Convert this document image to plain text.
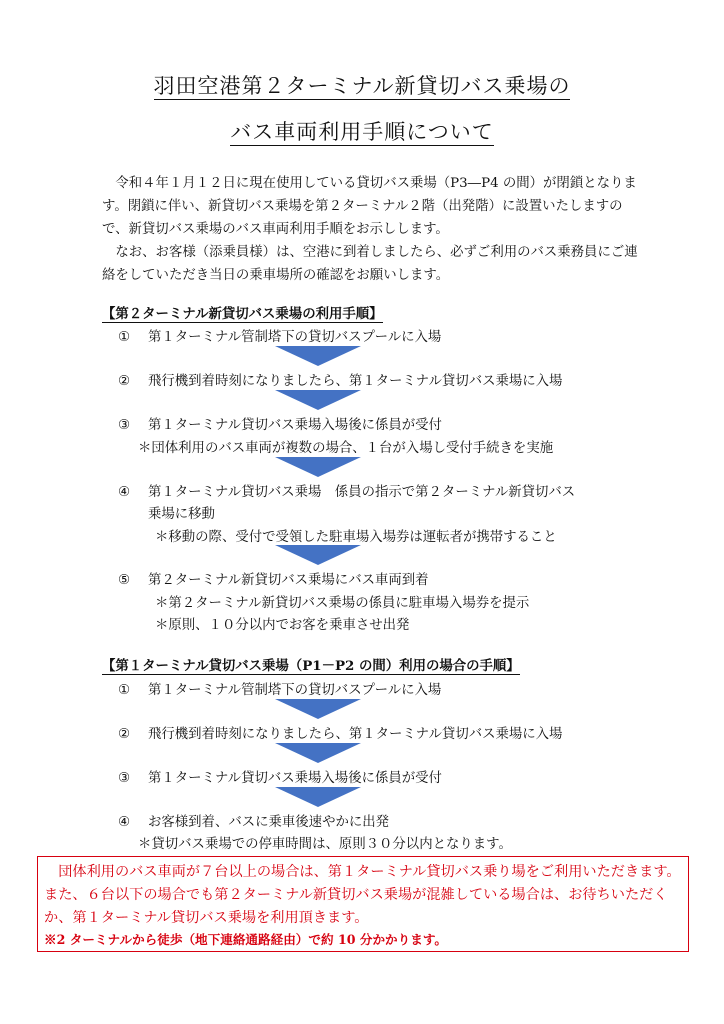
羽田空港第２ターミナル新貸切バス乗場の
バス車両利用手順について

令和４年１月１２日に現在使用している貸切バス乗場（P3―P4 の間）が閉鎖となります。閉鎖に伴い、新貸切バス乗場を第２ターミナル２階（出発階）に設置いたしますので、新貸切バス乗場のバス車両利用手順をお示しします。

なお、お客様（添乗員様）は、空港に到着しましたら、必ずご利用のバス乗務員にご連絡をしていただき当日の乗車場所の確認をお願いします。

【第２ターミナル新貸切バス乗場の利用手順】
① 第１ターミナル管制塔下の貸切バスプールに入場
② 飛行機到着時刻になりましたら、第１ターミナル貸切バス乗場に入場
③ 第１ターミナル貸切バス乗場入場後に係員が受付
＊団体利用のバス車両が複数の場合、１台が入場し受付手続きを実施
④ 第１ターミナル貸切バス乗場　係員の指示で第２ターミナル新貸切バス
乗場に移動
＊移動の際、受付で受領した駐車場入場券は運転者が携帯すること
⑤ 第２ターミナル新貸切バス乗場にバス車両到着
＊第２ターミナル新貸切バス乗場の係員に駐車場入場券を提示
＊原則、１０分以内でお客を乗車させ出発
【第１ターミナル貸切バス乗場（P1－P2 の間）利用の場合の手順】
① 第１ターミナル管制塔下の貸切バスプールに入場
② 飛行機到着時刻になりましたら、第１ターミナル貸切バス乗場に入場
③ 第１ターミナル貸切バス乗場入場後に係員が受付
④ お客様到着、バスに乗車後速やかに出発
＊貸切バス乗場での停車時間は、原則３０分以内となります。

団体利用のバス車両が７台以上の場合は、第１ターミナル貸切バス乗り場をご利用いただきます。また、６台以下の場合でも第２ターミナル新貸切バス乗場が混雑している場合は、お待ちいただくか、第１ターミナル貸切バス乗場を利用頂きます。

※2 ターミナルから徒歩（地下連絡通路経由）で約 10 分かかります。
